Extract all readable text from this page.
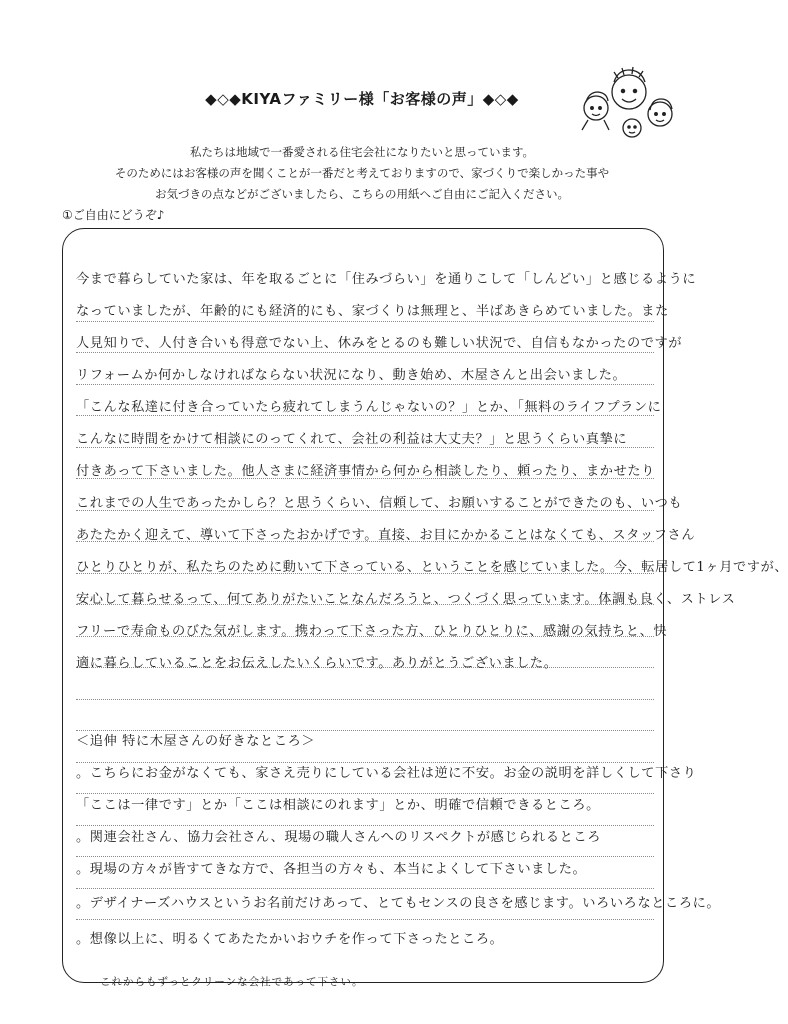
◆◇◆KIYAファミリー様「お客様の声」◆◇◆
私たちは地域で一番愛される住宅会社になりたいと思っています。
そのためにはお客様の声を聞くことが一番だと考えておりますので、家づくりで楽しかった事や
お気づきの点などがございましたら、こちらの用紙へご自由にご記入ください。
①ご自由にどうぞ♪
今まで暮らしていた家は、年を取るごとに「住みづらい」を通りこして「しんどい」と感じるように
なっていましたが、年齢的にも経済的にも、家づくりは無理と、半ばあきらめていました。また
人見知りで、人付き合いも得意でない上、休みをとるのも難しい状況で、自信もなかったのですが
リフォームか何かしなければならない状況になり、動き始め、木屋さんと出会いました。
「こんな私達に付き合っていたら疲れてしまうんじゃないの？」とか、「無料のライフプランに
こんなに時間をかけて相談にのってくれて、会社の利益は大丈夫？」と思うくらい真摯に
付きあって下さいました。他人さまに経済事情から何から相談したり、頼ったり、まかせたり
これまでの人生であったかしら？と思うくらい、信頼して、お願いすることができたのも、いつも
あたたかく迎えて、導いて下さったおかげです。直接、お目にかかることはなくても、スタッフさん
ひとりひとりが、私たちのために動いて下さっている、ということを感じていました。今、転居して1ヶ月ですが、
安心して暮らせるって、何てありがたいことなんだろうと、つくづく思っています。体調も良く、ストレス
フリーで寿命ものびた気がします。携わって下さった方、ひとりひとりに、感謝の気持ちと、快
適に暮らしていることをお伝えしたいくらいです。ありがとうございました。
＜追伸 特に木屋さんの好きなところ＞
。こちらにお金がなくても、家さえ売りにしている会社は逆に不安。お金の説明を詳しくして下さり
「ここは一律です」とか「ここは相談にのれます」とか、明確で信頼できるところ。
。関連会社さん、協力会社さん、現場の職人さんへのリスペクトが感じられるところ
。現場の方々が皆すてきな方で、各担当の方々も、本当によくして下さいました。
。デザイナーズハウスというお名前だけあって、とてもセンスの良さを感じます。いろいろなところに。
。想像以上に、明るくてあたたかいおウチを作って下さったところ。
これからもずっとクリーンな会社であって下さい。
